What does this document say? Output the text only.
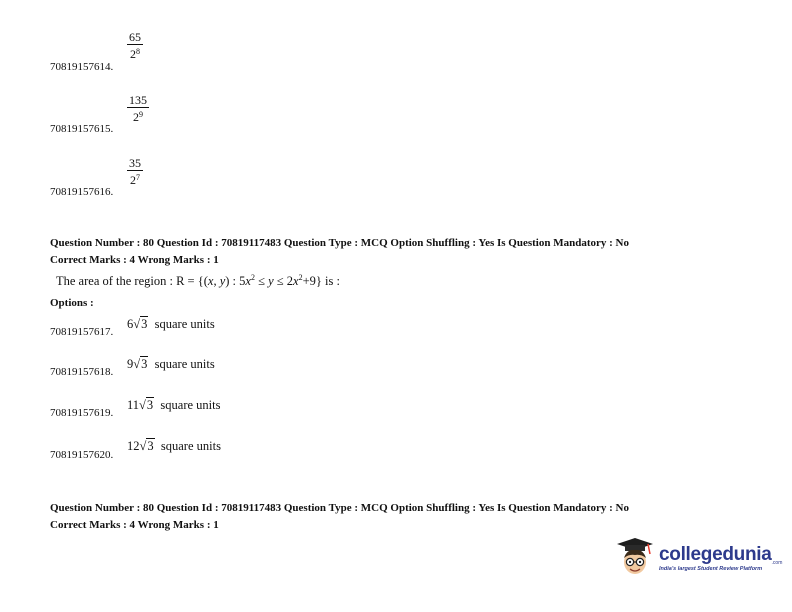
70819157614.
65
$2^8$
70819157615.
135
$2^9$
70819157616.
35
$2^7$
Question Number : 80 Question Id : 70819117483 Question Type : MCQ Option Shuffling : Yes Is Question Mandatory : No
Correct Marks : 4 Wrong Marks : 1
The area of the region : R = {(x, y) : $5x^2 \le y \le 2x^2+9$} is :
Options :
70819157617.
6√3 square units
70819157618.
9√3 square units
70819157619.
11√3 square units
70819157620.
12√3 square units
Question Number : 80 Question Id : 70819117483 Question Type : MCQ Option Shuffling : Yes Is Question Mandatory : No
Correct Marks : 4 Wrong Marks : 1
collegedunia .com
India's largest Student Review Platform
